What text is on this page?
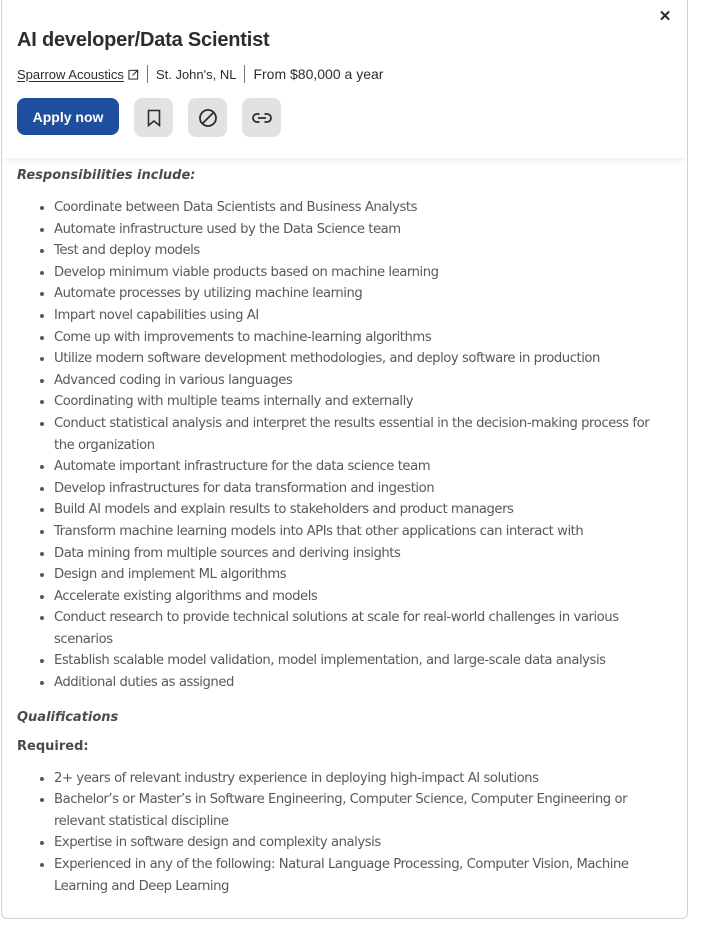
✕
AI developer/Data Scientist
Sparrow Acoustics St. John's, NL From $80,000 a year
Apply now

Responsibilities include:

• Coordinate between Data Scientists and Business Analysts
• Automate infrastructure used by the Data Science team
• Test and deploy models
• Develop minimum viable products based on machine learning
• Automate processes by utilizing machine learning
• Impart novel capabilities using AI
• Come up with improvements to machine-learning algorithms
• Utilize modern software development methodologies, and deploy software in production
• Advanced coding in various languages
• Coordinating with multiple teams internally and externally
• Conduct statistical analysis and interpret the results essential in the decision-making process for the organization
• Automate important infrastructure for the data science team
• Develop infrastructures for data transformation and ingestion
• Build AI models and explain results to stakeholders and product managers
• Transform machine learning models into APIs that other applications can interact with
• Data mining from multiple sources and deriving insights
• Design and implement ML algorithms
• Accelerate existing algorithms and models
• Conduct research to provide technical solutions at scale for real-world challenges in various scenarios
• Establish scalable model validation, model implementation, and large-scale data analysis
• Additional duties as assigned

Qualifications

Required:

• 2+ years of relevant industry experience in deploying high-impact AI solutions
• Bachelor’s or Master’s in Software Engineering, Computer Science, Computer Engineering or relevant statistical discipline
• Expertise in software design and complexity analysis
• Experienced in any of the following: Natural Language Processing, Computer Vision, Machine Learning and Deep Learning
